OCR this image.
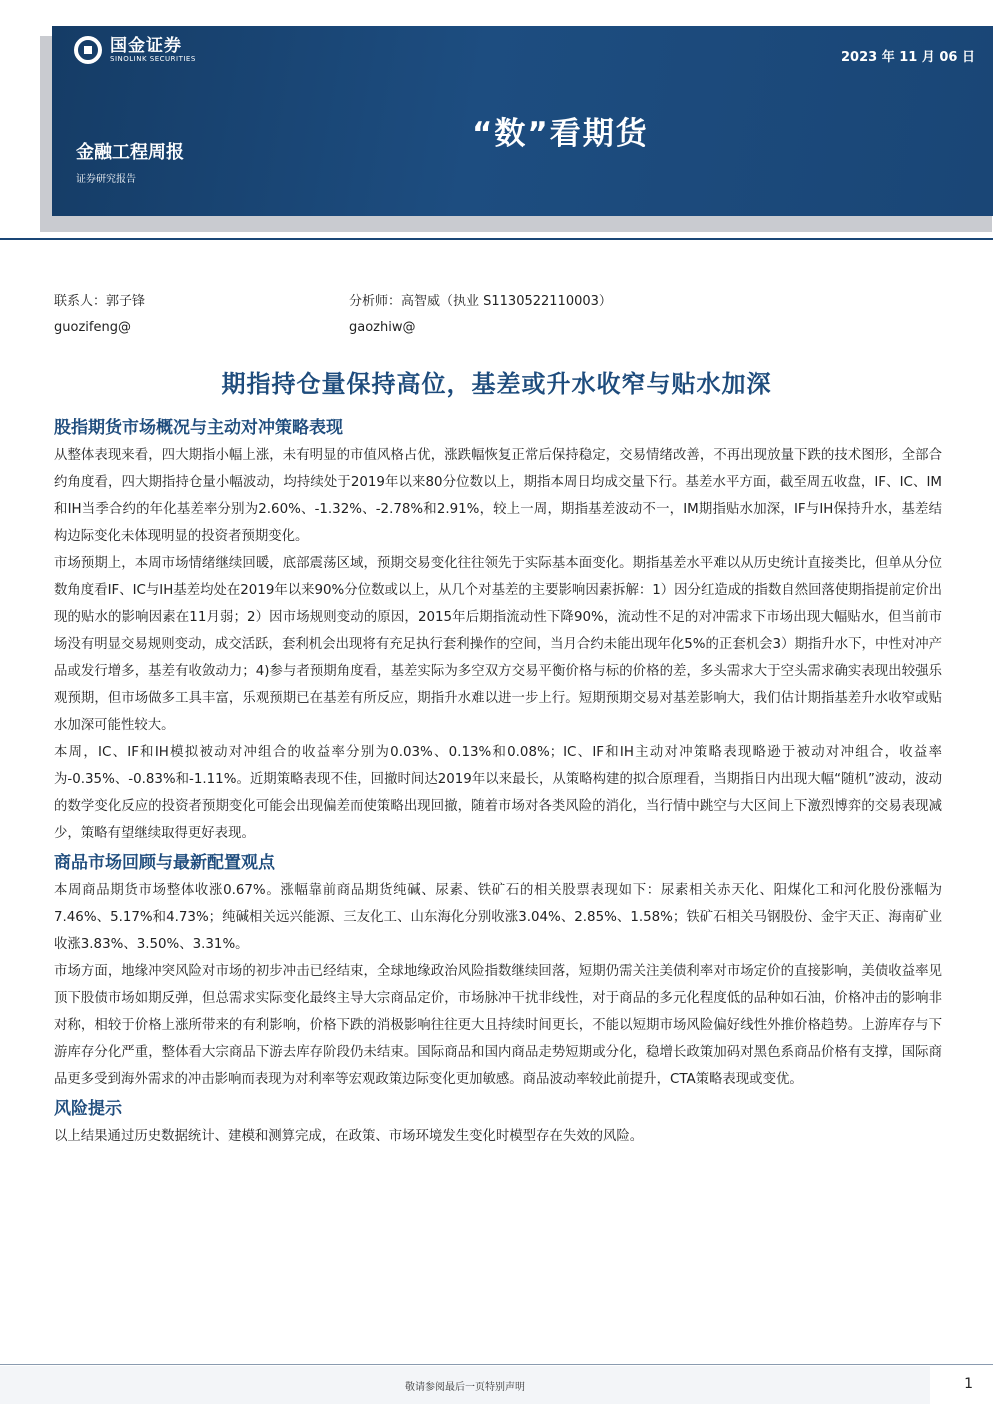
国金证券
SINOLINK SECURITIES	2023 年 11 月 06 日
“数”看期货
金融工程周报
证券研究报告
联系人：郭子锋	分析师：高智威（执业 S1130522110003）
guozifeng@	gaozhiw@
期指持仓量保持高位，基差或升水收窄与贴水加深
股指期货市场概况与主动对冲策略表现
从整体表现来看，四大期指小幅上涨，未有明显的市值风格占优，涨跌幅恢复正常后保持稳定，交易情绪改善，不再出现放量下跌的技术图形，全部合约角度看，四大期指持仓量小幅波动，均持续处于2019年以来80分位数以上，期指本周日均成交量下行。基差水平方面，截至周五收盘，IF、IC、IM和IH当季合约的年化基差率分别为2.60%、-1.32%、-2.78%和2.91%，较上一周，期指基差波动不一，IM期指贴水加深，IF与IH保持升水，基差结构边际变化未体现明显的投资者预期变化。
市场预期上，本周市场情绪继续回暖，底部震荡区域，预期交易变化往往领先于实际基本面变化。期指基差水平难以从历史统计直接类比，但单从分位数角度看IF、IC与IH基差均处在2019年以来90%分位数或以上，从几个对基差的主要影响因素拆解：1）因分红造成的指数自然回落使期指提前定价出现的贴水的影响因素在11月弱；2）因市场规则变动的原因，2015年后期指流动性下降90%，流动性不足的对冲需求下市场出现大幅贴水，但当前市场没有明显交易规则变动，成交活跃，套利机会出现将有充足执行套利操作的空间，当月合约未能出现年化5%的正套机会3）期指升水下，中性对冲产品或发行增多，基差有收敛动力；4)参与者预期角度看，基差实际为多空双方交易平衡价格与标的价格的差，多头需求大于空头需求确实表现出较强乐观预期，但市场做多工具丰富，乐观预期已在基差有所反应，期指升水难以进一步上行。短期预期交易对基差影响大，我们估计期指基差升水收窄或贴水加深可能性较大。
本周，IC、IF和IH模拟被动对冲组合的收益率分别为0.03%、0.13%和0.08%；IC、IF和IH主动对冲策略表现略逊于被动对冲组合，收益率为-0.35%、-0.83%和-1.11%。近期策略表现不佳，回撤时间达2019年以来最长，从策略构建的拟合原理看，当期指日内出现大幅“随机”波动，波动的数学变化反应的投资者预期变化可能会出现偏差而使策略出现回撤，随着市场对各类风险的消化，当行情中跳空与大区间上下激烈博弈的交易表现减少，策略有望继续取得更好表现。
商品市场回顾与最新配置观点
本周商品期货市场整体收涨0.67%。涨幅靠前商品期货纯碱、尿素、铁矿石的相关股票表现如下：尿素相关赤天化、阳煤化工和河化股份涨幅为7.46%、5.17%和4.73%；纯碱相关远兴能源、三友化工、山东海化分别收涨3.04%、2.85%、1.58%；铁矿石相关马钢股份、金宇天正、海南矿业收涨3.83%、3.50%、3.31%。
市场方面，地缘冲突风险对市场的初步冲击已经结束，全球地缘政治风险指数继续回落，短期仍需关注美债利率对市场定价的直接影响，美债收益率见顶下股债市场如期反弹，但总需求实际变化最终主导大宗商品定价，市场脉冲干扰非线性，对于商品的多元化程度低的品种如石油，价格冲击的影响非对称，相较于价格上涨所带来的有利影响，价格下跌的消极影响往往更大且持续时间更长，不能以短期市场风险偏好线性外推价格趋势。上游库存与下游库存分化严重，整体看大宗商品下游去库存阶段仍未结束。国际商品和国内商品走势短期或分化，稳增长政策加码对黑色系商品价格有支撑，国际商品更多受到海外需求的冲击影响而表现为对利率等宏观政策边际变化更加敏感。商品波动率较此前提升，CTA策略表现或变优。
风险提示
以上结果通过历史数据统计、建模和测算完成，在政策、市场环境发生变化时模型存在失效的风险。
敬请参阅最后一页特别声明	1
